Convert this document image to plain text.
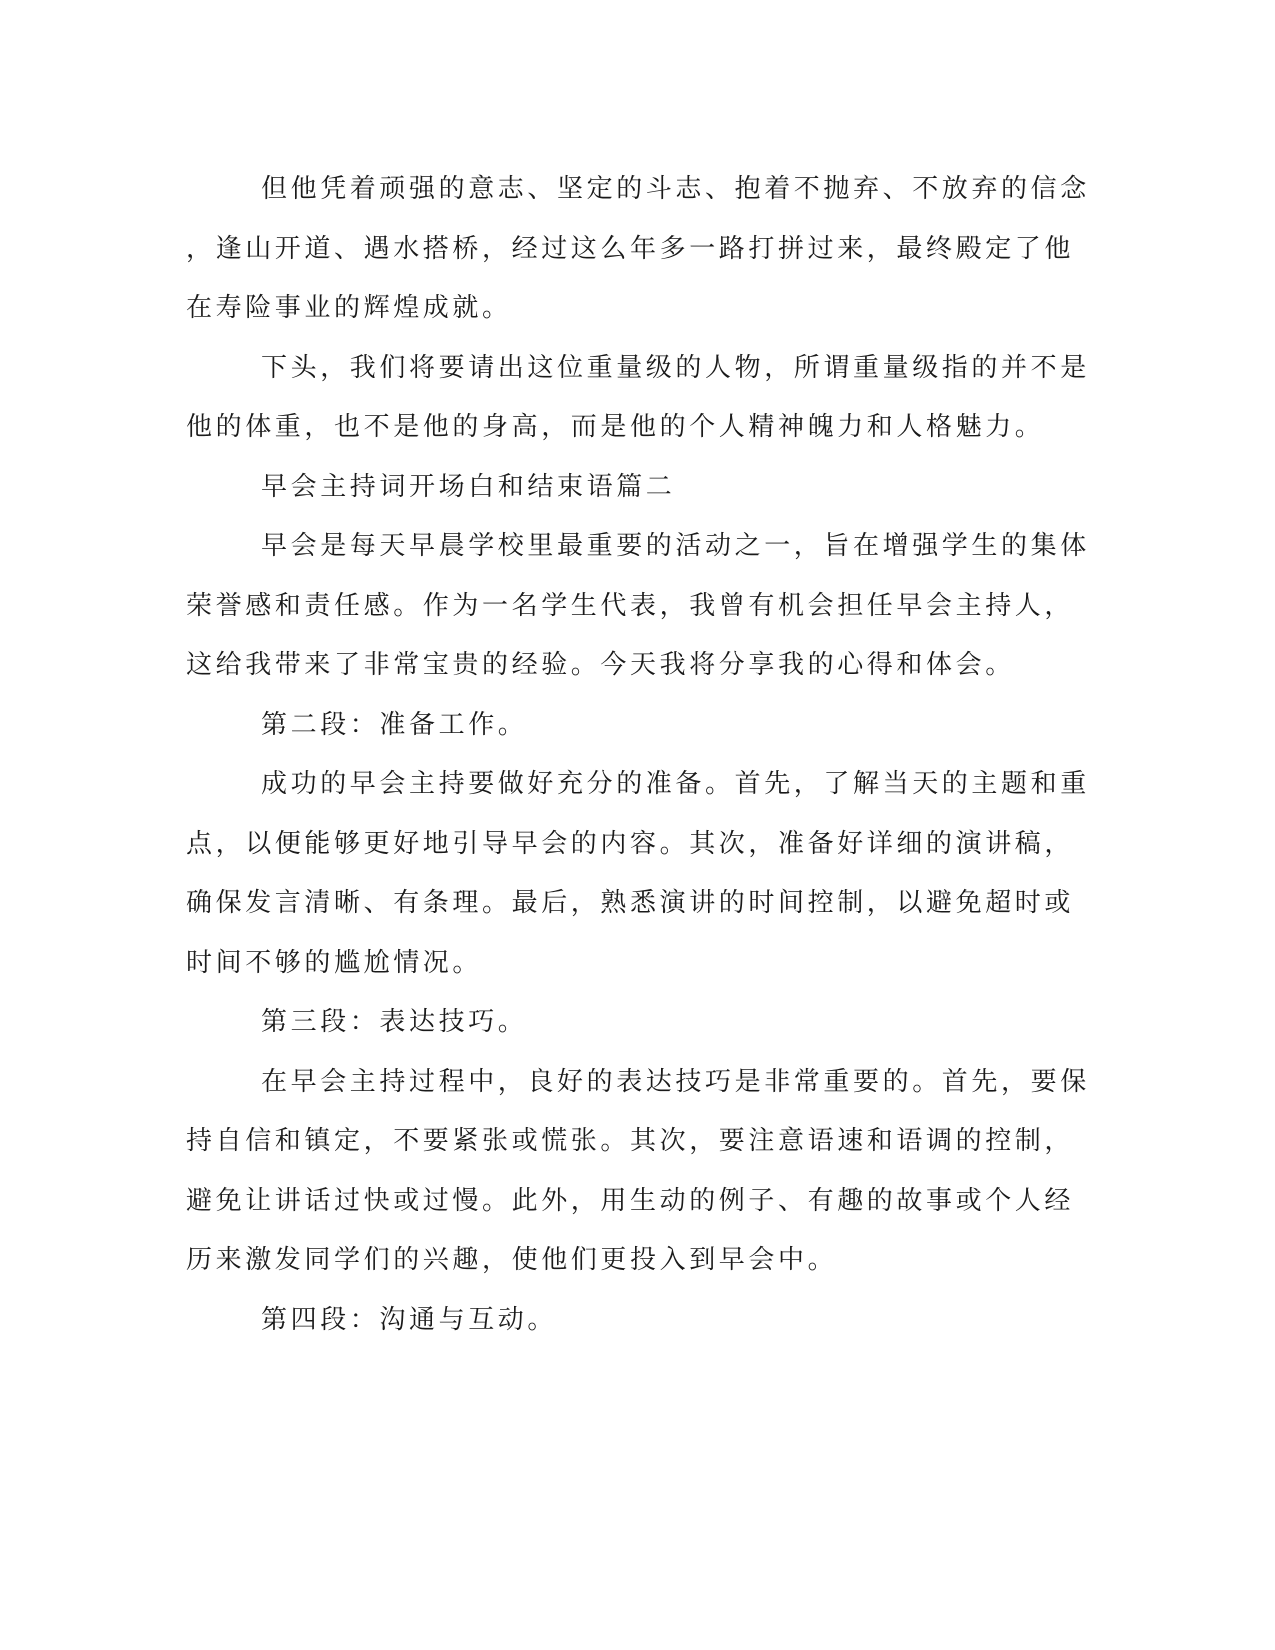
但他凭着顽强的意志、坚定的斗志、抱着不抛弃、不放弃的信念
，逢山开道、遇水搭桥，经过这么年多一路打拼过来，最终殿定了他
在寿险事业的辉煌成就。
下头，我们将要请出这位重量级的人物，所谓重量级指的并不是
他的体重，也不是他的身高，而是他的个人精神魄力和人格魅力。
早会主持词开场白和结束语篇二
早会是每天早晨学校里最重要的活动之一，旨在增强学生的集体
荣誉感和责任感。作为一名学生代表，我曾有机会担任早会主持人，
这给我带来了非常宝贵的经验。今天我将分享我的心得和体会。
第二段：准备工作。
成功的早会主持要做好充分的准备。首先，了解当天的主题和重
点，以便能够更好地引导早会的内容。其次，准备好详细的演讲稿，
确保发言清晰、有条理。最后，熟悉演讲的时间控制，以避免超时或
时间不够的尴尬情况。
第三段：表达技巧。
在早会主持过程中，良好的表达技巧是非常重要的。首先，要保
持自信和镇定，不要紧张或慌张。其次，要注意语速和语调的控制，
避免让讲话过快或过慢。此外，用生动的例子、有趣的故事或个人经
历来激发同学们的兴趣，使他们更投入到早会中。
第四段：沟通与互动。
